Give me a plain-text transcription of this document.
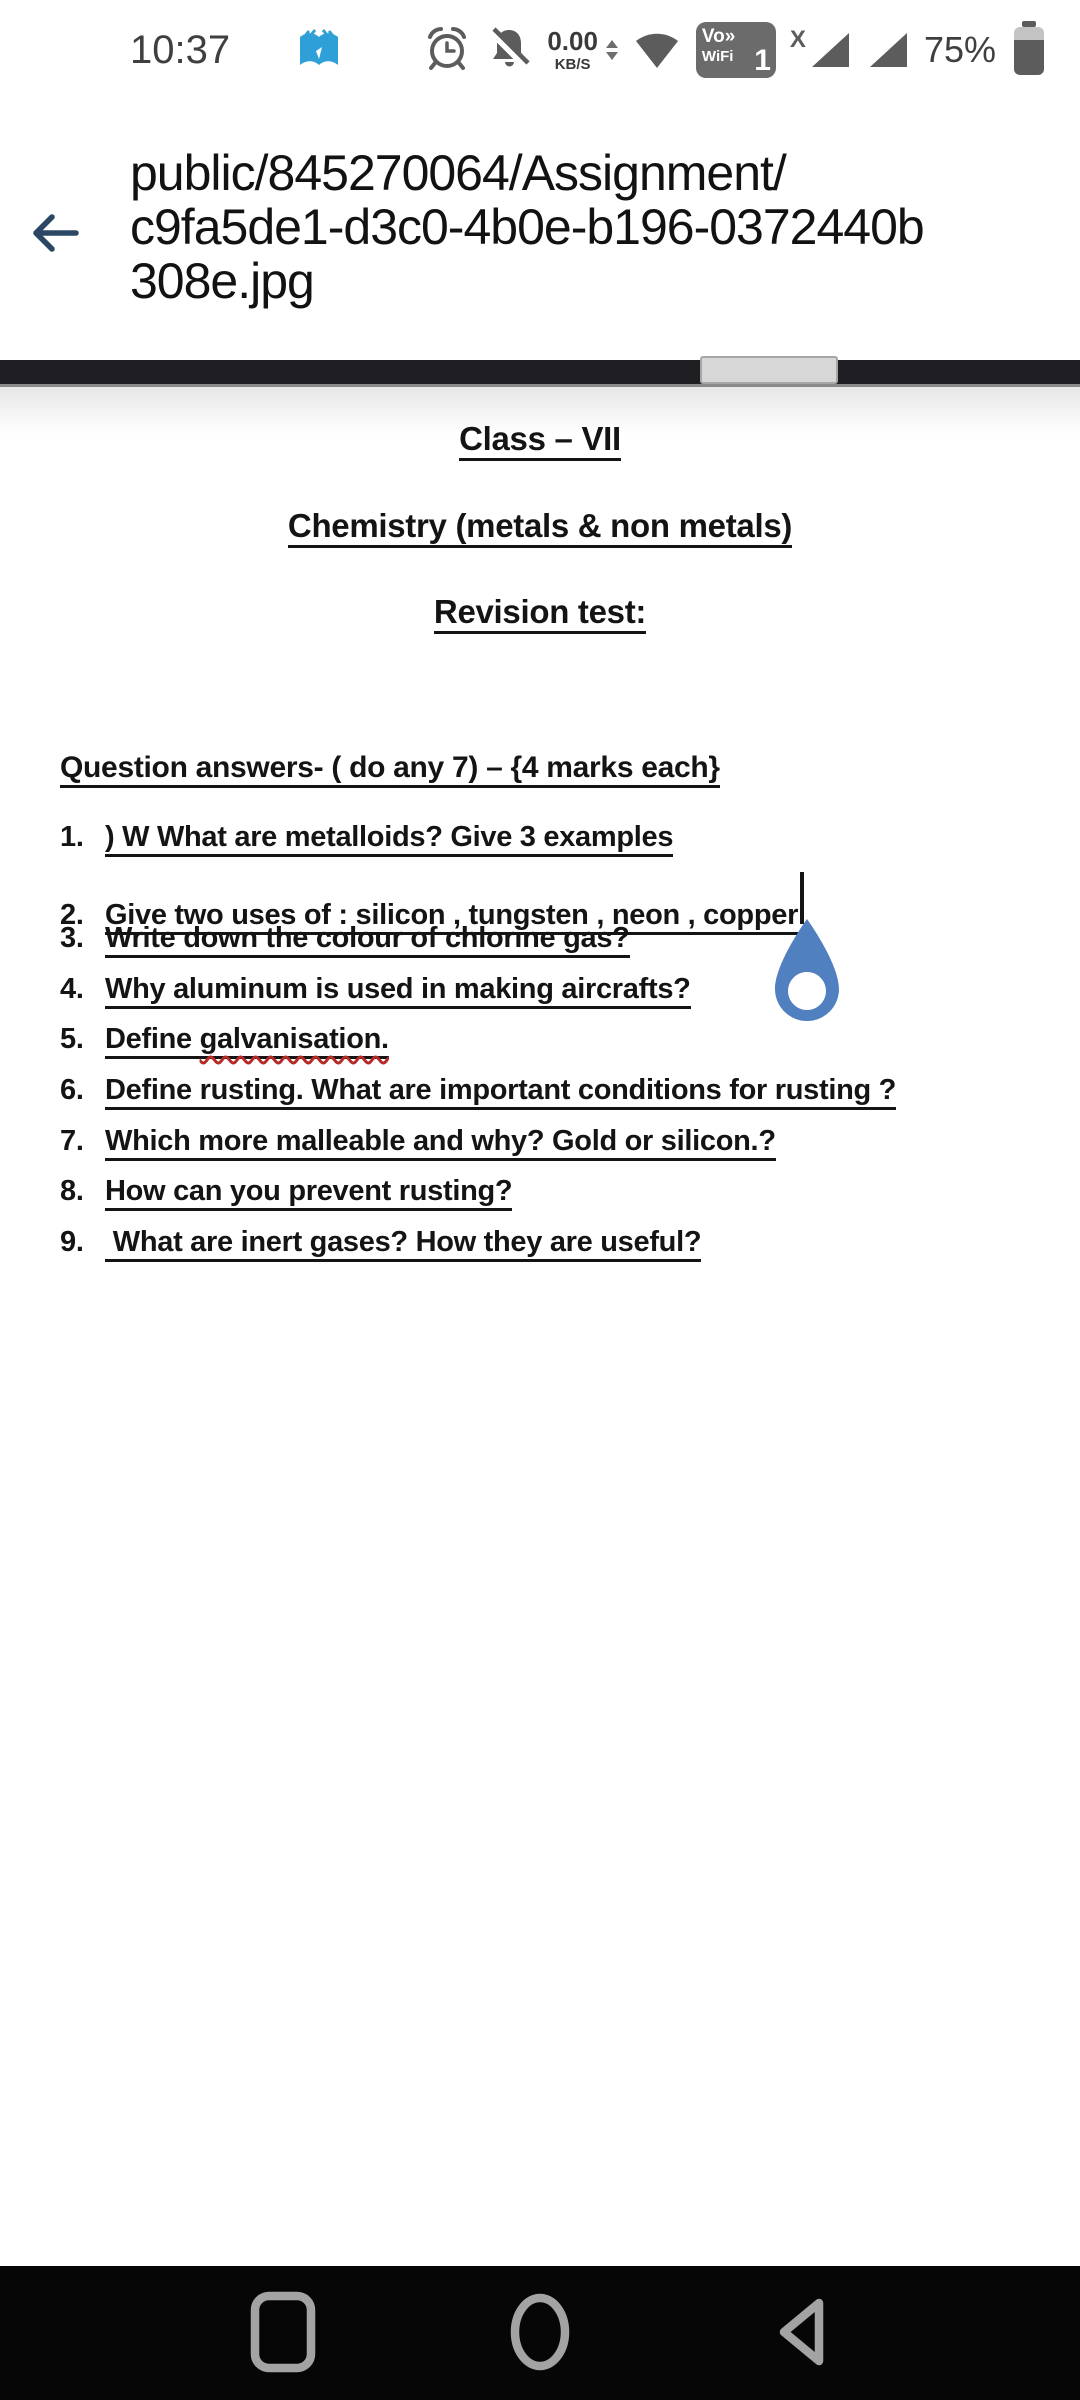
10:37	0.00
KB/S
Vo»
WiFi 1
X	75%
public/845270064/Assignment/
c9fa5de1-d3c0-4b0e-b196-0372440b
308e.jpg
Class – VII
Chemistry (metals & non metals)
Revision test:
Question answers- ( do any 7) – {4 marks each}
1. ) W What are metalloids? Give 3 examples
2. Give two uses of : silicon , tungsten , neon , copper
3. Write down the colour of chlorine gas?
4. Why aluminum is used in making aircrafts?
5. Define galvanisation.
6. Define rusting. What are important conditions for rusting ?
7. Which more malleable and why? Gold or silicon.?
8. How can you prevent rusting?
9. What are inert gases? How they are useful?
